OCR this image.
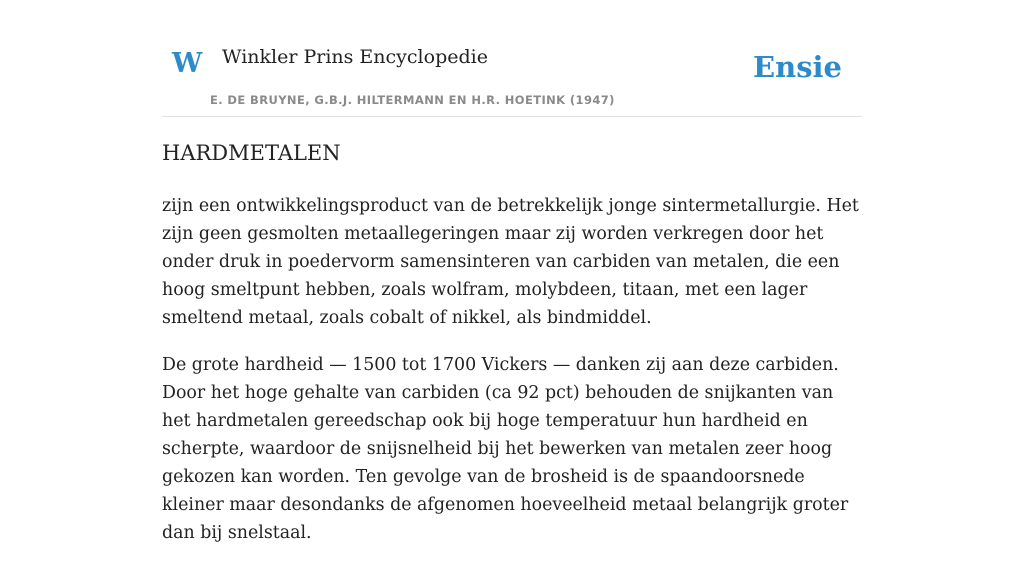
W Winkler Prins Encyclopedie	Ensie
E. DE BRUYNE, G.B.J. HILTERMANN EN H.R. HOETINK (1947)
HARDMETALEN

zijn een ontwikkelingsproduct van de betrekkelijk jonge sintermetallurgie. Het zijn geen gesmolten metaallegeringen maar zij worden verkregen door het onder druk in poedervorm samensinteren van carbiden van metalen, die een hoog smeltpunt hebben, zoals wolfram, molybdeen, titaan, met een lager smeltend metaal, zoals cobalt of nikkel, als bindmiddel.

De grote hardheid — 1500 tot 1700 Vickers — danken zij aan deze carbiden. Door het hoge gehalte van carbiden (ca 92 pct) behouden de snijkanten van het hardmetalen gereedschap ook bij hoge temperatuur hun hardheid en scherpte, waardoor de snijsnelheid bij het bewerken van metalen zeer hoog gekozen kan worden. Ten gevolge van de brosheid is de spaandoorsnede kleiner maar desondanks de afgenomen hoeveelheid metaal belangrijk groter dan bij snelstaal.
